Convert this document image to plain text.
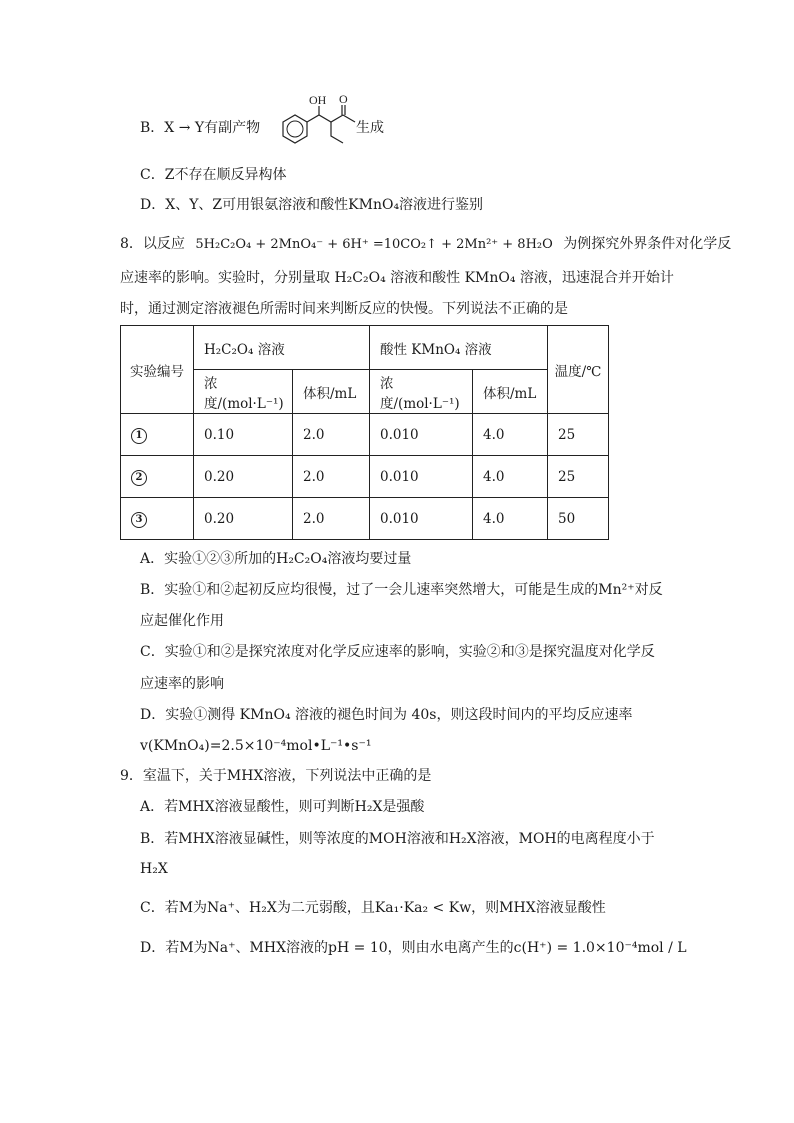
B．X → Y有副产物
OH O
生成
C．Z不存在顺反异构体
D．X、Y、Z可用银氨溶液和酸性KMnO₄溶液进行鉴别
8．以反应 5H₂C₂O₄ + 2MnO₄⁻ + 6H⁺ =10CO₂↑ + 2Mn²⁺ + 8H₂O 为例探究外界条件对化学反
应速率的影响。实验时，分别量取 H₂C₂O₄ 溶液和酸性 KMnO₄ 溶液，迅速混合并开始计
时，通过测定溶液褪色所需时间来判断反应的快慢。下列说法不正确的是
实验编号	H₂C₂O₄ 溶液		酸性 KMnO₄ 溶液		温度/℃
	浓度/(mol·L⁻¹)	体积/mL	浓度/(mol·L⁻¹)	体积/mL	
1	0.10	2.0	0.010	4.0	25
2	0.20	2.0	0.010	4.0	25
3	0.20	2.0	0.010	4.0	50
A．实验①②③所加的H₂C₂O₄溶液均要过量
B．实验①和②起初反应均很慢，过了一会儿速率突然增大，可能是生成的Mn²⁺对反
应起催化作用
C．实验①和②是探究浓度对化学反应速率的影响，实验②和③是探究温度对化学反
应速率的影响
D．实验①测得 KMnO₄ 溶液的褪色时间为 40s，则这段时间内的平均反应速率
v(KMnO₄)=2.5×10⁻⁴mol•L⁻¹•s⁻¹
9．室温下，关于MHX溶液，下列说法中正确的是
A．若MHX溶液显酸性，则可判断H₂X是强酸
B．若MHX溶液显碱性，则等浓度的MOH溶液和H₂X溶液，MOH的电离程度小于
H₂X
C．若M为Na⁺、H₂X为二元弱酸，且Ka₁·Ka₂ < Kw，则MHX溶液显酸性
D．若M为Na⁺、MHX溶液的pH = 10，则由水电离产生的c(H⁺) = 1.0×10⁻⁴mol / L
